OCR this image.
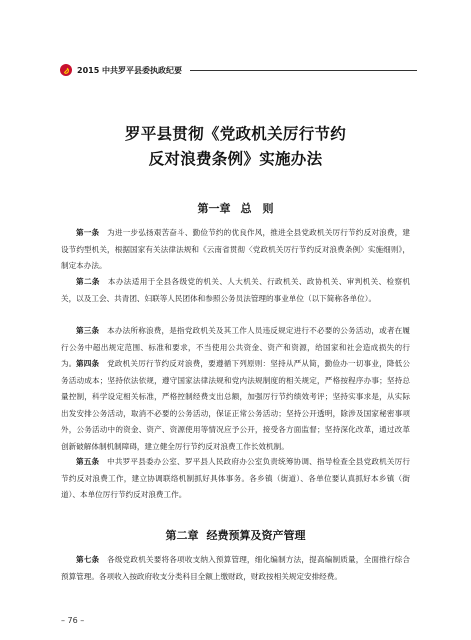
2015 中共罗平县委执政纪要
罗平县贯彻《党政机关厉行节约
反对浪费条例》实施办法
第一章 总　则
第一条　 为进一步弘扬艰苦奋斗、勤俭节约的优良作风，推进全县党政机关厉行节约反对浪费，建设节约型机关，根据国家有关法律法规和《云南省贯彻〈党政机关厉行节约反对浪费条例〉实施细则》，制定本办法。
第二条　 本办法适用于全县各级党的机关、人大机关、行政机关、政协机关、审判机关、检察机关，以及工会、共青团、妇联等人民团体和参照公务员法管理的事业单位（以下简称各单位）。
第三条　 本办法所称浪费，是指党政机关及其工作人员违反规定进行不必要的公务活动，或者在履行公务中超出规定范围、标准和要求，不当使用公共资金、资产和资源，给国家和社会造成损失的行为。 第四条　 党政机关厉行节约反对浪费，要遵循下列原则：坚持从严从简，勤俭办一切事业，降低公务活动成本；坚持依法依规，遵守国家法律法规和党内法规制度的相关规定，严格按程序办事；坚持总量控制，科学设定相关标准，严格控制经费支出总额，加强厉行节约绩效考评；坚持实事求是，从实际出发安排公务活动，取消不必要的公务活动，保证正常公务活动；坚持公开透明，除涉及国家秘密事项外，公务活动中的资金、资产、资源使用等情况应予公开，接受各方面监督；坚持深化改革，通过改革创新破解体制机制障碍，建立健全厉行节约反对浪费工作长效机制。
第五条　 中共罗平县委办公室、罗平县人民政府办公室负责统筹协调、指导检查全县党政机关厉行节约反对浪费工作，建立协调联络机制抓好具体事务。各乡镇（街道）、各单位要认真抓好本乡镇（街道）、本单位厉行节约反对浪费工作。
第二章 经费预算及资产管理
第七条　 各级党政机关要将各项收支纳入预算管理，细化编制方法，提高编制质量，全面推行综合预算管理。各项收入按政府收支分类科目全额上缴财政，财政按相关规定安排经费。
– 76 –
